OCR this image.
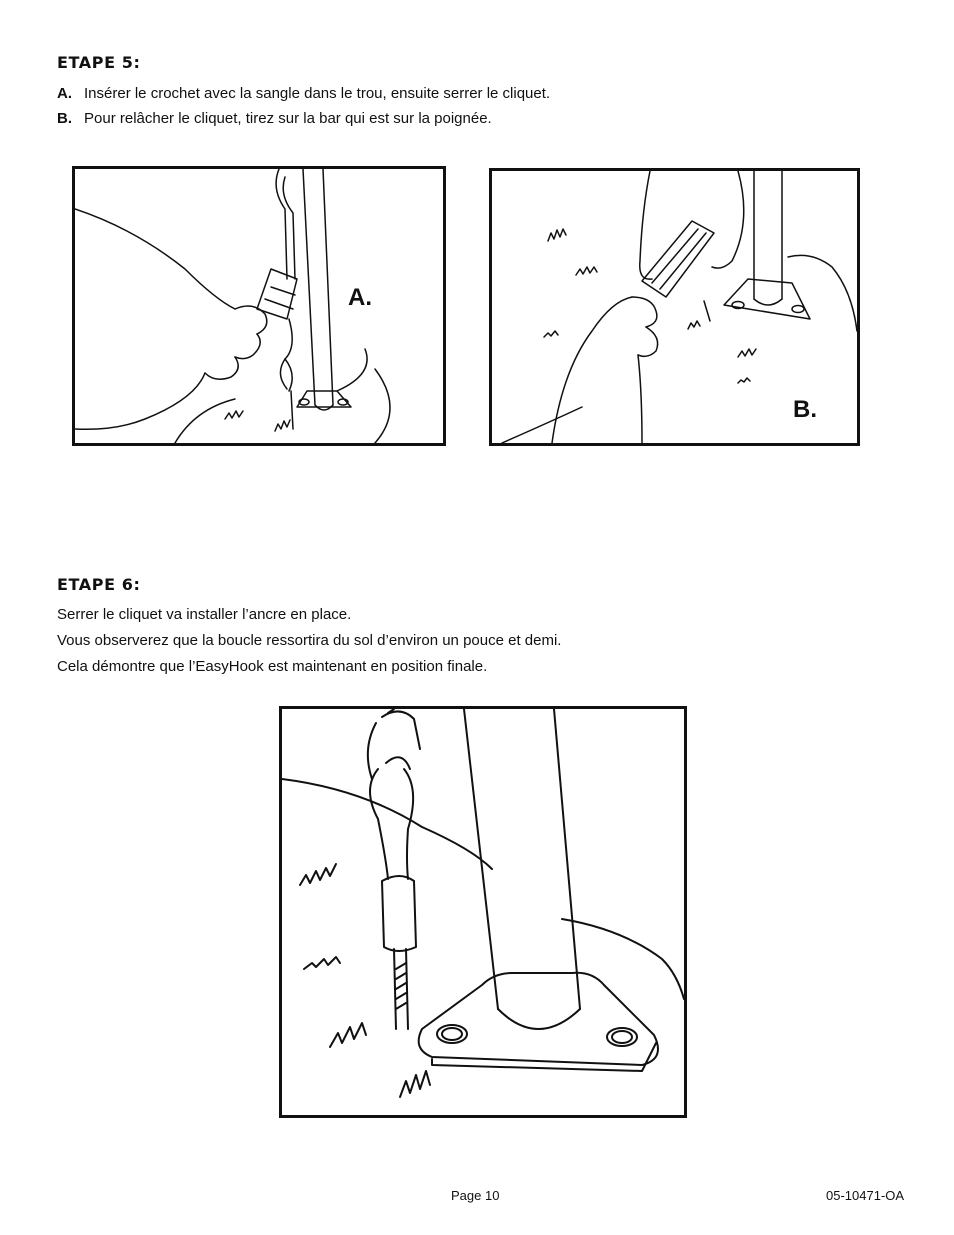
ETAPE 5:
A. Insérer le crochet avec la sangle dans le trou, ensuite serrer le cliquet.
B. Pour relâcher le cliquet, tirez sur la bar qui est sur la poignée.
A.
B.
ETAPE 6:
Serrer le cliquet va installer l’ancre en place.
Vous observerez que la boucle ressortira du sol d’environ un pouce et demi.
Cela démontre que l’EasyHook est maintenant en position finale.
Page 10	05-10471-OA
